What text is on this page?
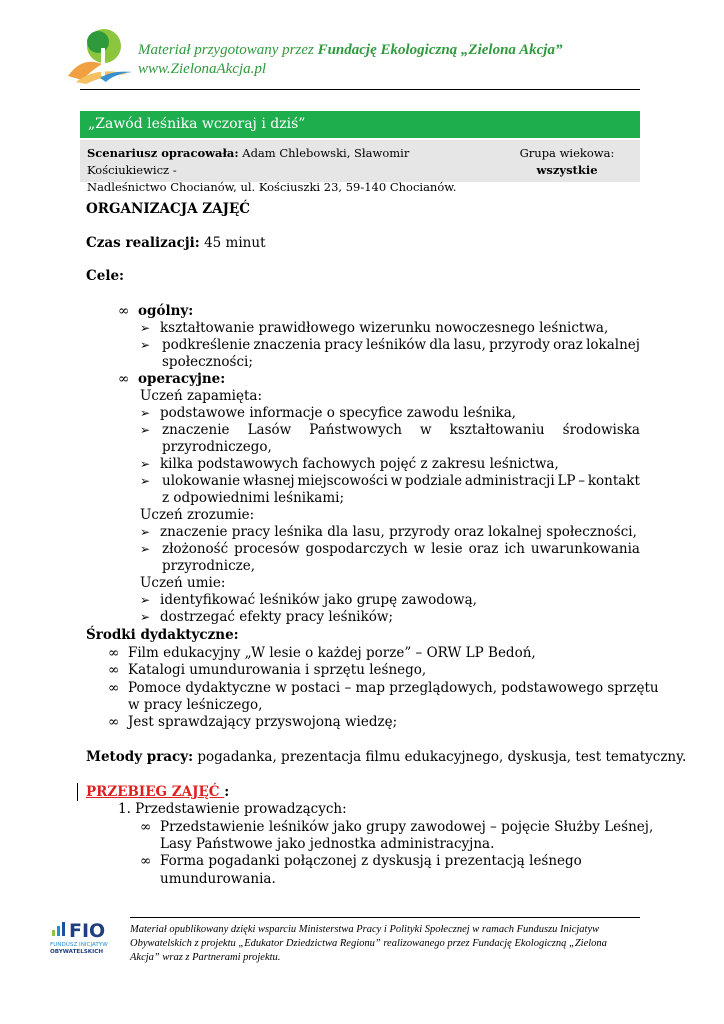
Materiał przygotowany przez Fundację Ekologiczną „Zielona Akcja”
www.ZielonaAkcja.pl
„Zawód leśnika wczoraj i dziś”
Scenariusz opracowała: Adam Chlebowski, Sławomir Kościukiewicz -
Nadleśnictwo Chocianów, ul. Kościuszki 23, 59-140 Chocianów.
Grupa wiekowa:
wszystkie
ORGANIZACJA ZAJĘĆ
Czas realizacji: 45 minut
Cele:
∞ ogólny:
➢ kształtowanie prawidłowego wizerunku nowoczesnego leśnictwa,
➢ podkreślenie znaczenia pracy leśników dla lasu, przyrody oraz lokalnej
społeczności;
∞ operacyjne:
Uczeń zapamięta:
➢ podstawowe informacje o specyfice zawodu leśnika,
➢ znaczenie Lasów Państwowych w kształtowaniu środowiska
przyrodniczego,
➢ kilka podstawowych fachowych pojęć z zakresu leśnictwa,
➢ ulokowanie własnej miejscowości w podziale administracji LP – kontakt
z odpowiednimi leśnikami;
Uczeń zrozumie:
➢ znaczenie pracy leśnika dla lasu, przyrody oraz lokalnej społeczności,
➢ złożoność procesów gospodarczych w lesie oraz ich uwarunkowania
przyrodnicze,
Uczeń umie:
➢ identyfikować leśników jako grupę zawodową,
➢ dostrzegać efekty pracy leśników;
Środki dydaktyczne:
∞ Film edukacyjny „W lesie o każdej porze” – ORW LP Bedoń,
∞ Katalogi umundurowania i sprzętu leśnego,
∞ Pomoce dydaktyczne w postaci – map przeglądowych, podstawowego sprzętu
w pracy leśniczego,
∞ Jest sprawdzający przyswojoną wiedzę;
Metody pracy: pogadanka, prezentacja filmu edukacyjnego, dyskusja, test tematyczny.
PRZEBIEG ZAJĘĆ :
1. Przedstawienie prowadzących:
∞ Przedstawienie leśników jako grupy zawodowej – pojęcie Służby Leśnej,
Lasy Państwowe jako jednostka administracyjna.
∞ Forma pogadanki połączonej z dyskusją i prezentacją leśnego
umundurowania.
FIO
FUNDUSZ INICJATYW
OBYWATELSKICH
Materiał opublikowany dzięki wsparciu Ministerstwa Pracy i Polityki Społecznej w ramach Funduszu Inicjatyw
Obywatelskich z projektu „Edukator Dziedzictwa Regionu” realizowanego przez Fundację Ekologiczną „Zielona
Akcja” wraz z Partnerami projektu.
